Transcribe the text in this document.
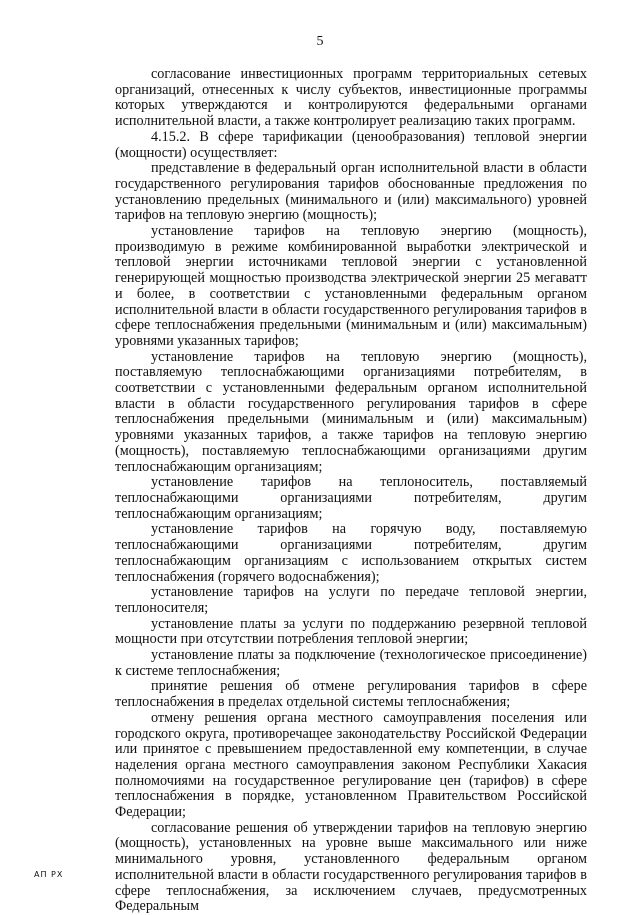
5

согласование инвестиционных программ территориальных сетевых организаций, отнесенных к числу субъектов, инвестиционные программы которых утверждаются и контролируются федеральными органами исполнительной власти, а также контролирует реализацию таких программ.

4.15.2. В сфере тарификации (ценообразования) тепловой энергии (мощности) осуществляет:

представление в федеральный орган исполнительной власти в области государственного регулирования тарифов обоснованные предложения по установлению предельных (минимального и (или) максимального) уровней тарифов на тепловую энергию (мощность);

установление тарифов на тепловую энергию (мощность), производимую в режиме комбинированной выработки электрической и тепловой энергии источниками тепловой энергии с установленной генерирующей мощностью производства электрической энергии 25 мегаватт и более, в соответствии с установленными федеральным органом исполнительной власти в области государственного регулирования тарифов в сфере теплоснабжения предельными (минимальным и (или) максимальным) уровнями указанных тарифов;

установление тарифов на тепловую энергию (мощность), поставляемую теплоснабжающими организациями потребителям, в соответствии с установленными федеральным органом исполнительной власти в области государственного регулирования тарифов в сфере теплоснабжения предельными (минимальным и (или) максимальным) уровнями указанных тарифов, а также тарифов на тепловую энергию (мощность), поставляемую теплоснабжающими организациями другим теплоснабжающим организациям;

установление тарифов на теплоноситель, поставляемый теплоснабжающими организациями потребителям, другим теплоснабжающим организациям;

установление тарифов на горячую воду, поставляемую теплоснабжающими организациями потребителям, другим теплоснабжающим организациям с использованием открытых систем теплоснабжения (горячего водоснабжения);

установление тарифов на услуги по передаче тепловой энергии, теплоносителя;

установление платы за услуги по поддержанию резервной тепловой мощности при отсутствии потребления тепловой энергии;

установление платы за подключение (технологическое присоединение) к системе теплоснабжения;

принятие решения об отмене регулирования тарифов в сфере теплоснабжения в пределах отдельной системы теплоснабжения;

отмену решения органа местного самоуправления поселения или городского округа, противоречащее законодательству Российской Федерации или принятое с превышением предоставленной ему компетенции, в случае наделения органа местного самоуправления законом Республики Хакасия полномочиями на государственное регулирование цен (тарифов) в сфере теплоснабжения в порядке, установленном Правительством Российской Федерации;

согласование решения об утверждении тарифов на тепловую энергию (мощность), установленных на уровне выше максимального или ниже минимального уровня, установленного федеральным органом исполнительной власти в области государственного регулирования тарифов в сфере теплоснабжения, за исключением случаев, предусмотренных Федеральным

АП РХ
